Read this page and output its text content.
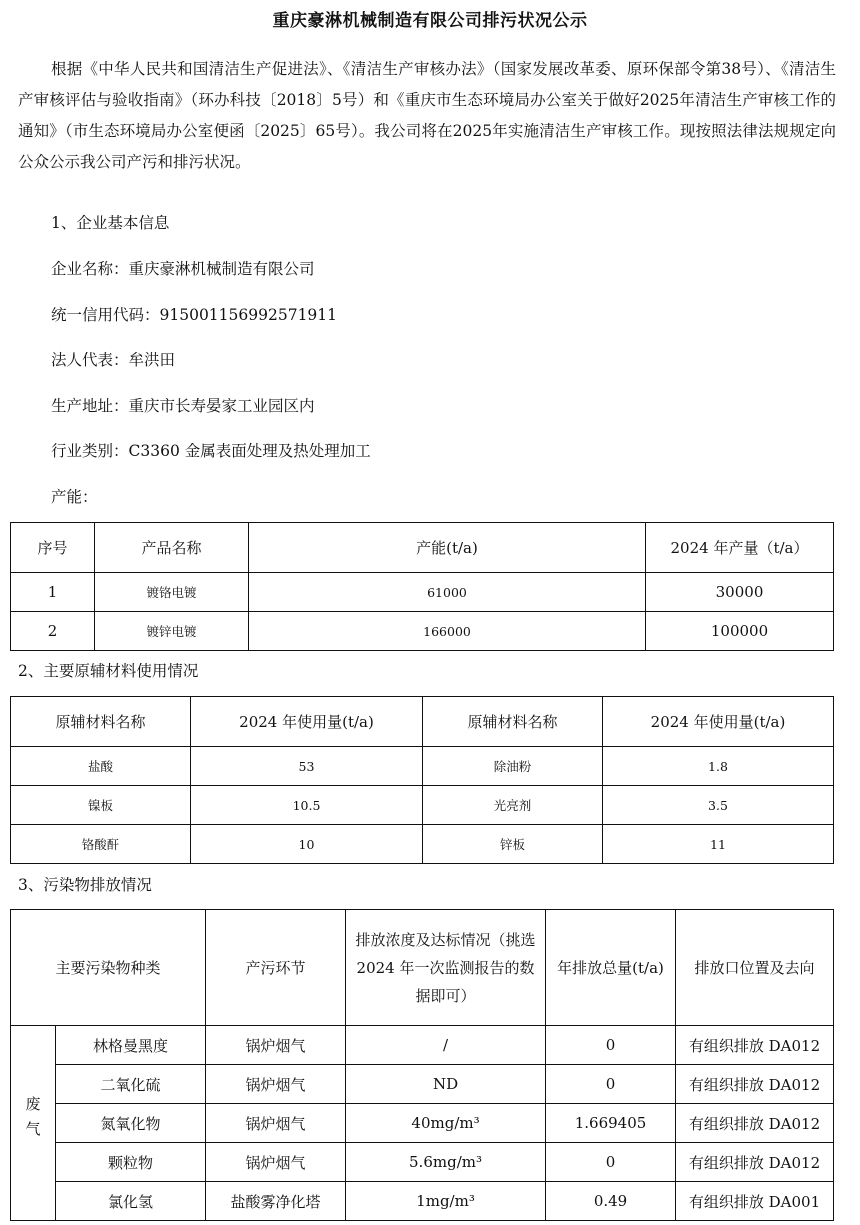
重庆豪淋机械制造有限公司排污状况公示

根据《中华人民共和国清洁生产促进法》、《清洁生产审核办法》（国家发展改革委、原环保部令第38号）、《清洁生产审核评估与验收指南》（环办科技〔2018〕5号）和《重庆市生态环境局办公室关于做好2025年清洁生产审核工作的通知》（市生态环境局办公室便函〔2025〕65号）。我公司将在2025年实施清洁生产审核工作。现按照法律法规规定向公众公示我公司产污和排污状况。

1、企业基本信息
企业名称：重庆豪淋机械制造有限公司
统一信用代码：915001156992571911
法人代表：牟洪田
生产地址：重庆市长寿晏家工业园区内
行业类别：C3360 金属表面处理及热处理加工
产能：
序号	产品名称	产能(t/a)	2024 年产量（t/a）
1	镀铬电镀	61000	30000
2	镀锌电镀	166000	100000
2、主要原辅材料使用情况
原辅材料名称	2024 年使用量(t/a)	原辅材料名称	2024 年使用量(t/a)
盐酸	53	除油粉	1.8
镍板	10.5	光亮剂	3.5
铬酸酐	10	锌板	11
3、污染物排放情况
主要污染物种类		产污环节	排放浓度及达标情况（挑选 2024 年一次监测报告的数据即可）	年排放总量(t/a)	排放口位置及去向
废气	林格曼黑度	锅炉烟气	/	0	有组织排放 DA012
	二氧化硫	锅炉烟气	ND	0	有组织排放 DA012
	氮氧化物	锅炉烟气	40mg/m³	1.669405	有组织排放 DA012
	颗粒物	锅炉烟气	5.6mg/m³	0	有组织排放 DA012
	氯化氢	盐酸雾净化塔	1mg/m³	0.49	有组织排放 DA001
